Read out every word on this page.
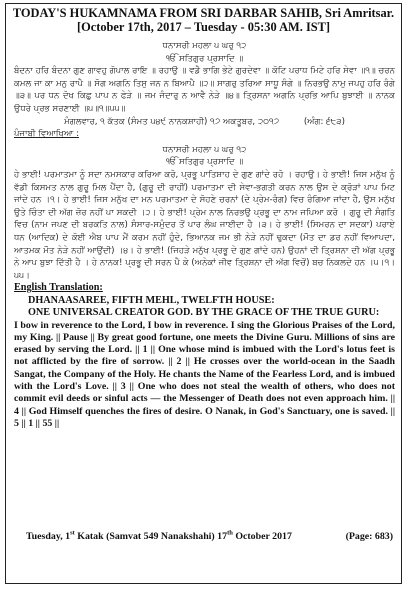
TODAY'S HUKAMNAMA FROM SRI DARBAR SAHIB, Sri Amritsar.
[October 17th, 2017 – Tuesday - 05:30 AM. IST]
ਧਨਾਸਰੀ ਮਹਲਾ ੫ ਘਰੁ ੧੨
ੴ ਸਤਿਗੁਰ ਪ੍ਰਸਾਦਿ ॥
ਬੰਦਨਾ ਹਰਿ ਬੰਦਨਾ ਗੁਣ ਗਾਵਹੁ ਗੋਪਾਲ ਰਾਇ ॥ ਰਹਾਉ ॥ ਵਡੈ ਭਾਗਿ ਭੇਟੇ ਗੁਰਦੇਵਾ ॥ ਕੋਟਿ ਪਰਾਧ ਮਿਟੇ ਹਰਿ ਸੇਵਾ ॥੧॥ ਚਰਨ ਕਮਲ ਜਾ ਕਾ ਮਨੁ ਰਾਪੈ ॥ ਸੋਗ ਅਗਨਿ ਤਿਸੁ ਜਨ ਨ ਬਿਆਪੈ ॥੨॥ ਸਾਗਰੁ ਤਰਿਆ ਸਾਧੂ ਸੰਗੇ ॥ ਨਿਰਭਉ ਨਾਮੁ ਜਪਹੁ ਹਰਿ ਰੰਗੇ ॥੩॥ ਪਰ ਧਨ ਦੋਖ ਕਿਛੁ ਪਾਪ ਨ ਫੇੜੇ ॥ ਜਮ ਜੰਦਾਰੁ ਨ ਆਵੈ ਨੇੜੇ ॥੪॥ ਤ੍ਰਿਸਨਾ ਅਗਨਿ ਪ੍ਰਭਿ ਆਪਿ ਬੁਝਾਈ ॥ ਨਾਨਕ ਉਧਰੇ ਪ੍ਰਭ ਸਰਣਾਈ ॥੫॥੧॥੫੫॥
ਮੰਗਲਵਾਰ, ੧ ਕੱਤਕ (ਸੰਮਤ ੫੪੯ ਨਾਨਕਸ਼ਾਹੀ) ੧੭ ਅਕਤੂਬਰ, ੨੦੧੭	(ਅੰਗ: ੬੮੩)
ਪੰਜਾਬੀ ਵਿਆਖਿਆ :
ਧਨਾਸਰੀ ਮਹਲਾ ੫ ਘਰੁ ੧੨
ੴ ਸਤਿਗੁਰ ਪ੍ਰਸਾਦਿ ॥
ਹੇ ਭਾਈ! ਪਰਮਾਤਮਾ ਨੂੰ ਸਦਾ ਨਮਸਕਾਰ ਕਰਿਆ ਕਰੋ, ਪ੍ਰਭੂ ਪਾਤਿਸ਼ਾਹ ਦੇ ਗੁਣ ਗਾਂਦੇ ਰਹੋ । ਰਹਾਉ। ਹੇ ਭਾਈ! ਜਿਸ ਮਨੁੱਖ ਨੂੰ ਵੱਡੀ ਕਿਸਮਤ ਨਾਲ ਗੁਰੂ ਮਿਲ ਪੈਂਦਾ ਹੈ, (ਗੁਰੂ ਦੀ ਰਾਹੀਂ) ਪਰਮਾਤਮਾ ਦੀ ਸੇਵਾ-ਭਗਤੀ ਕਰਨ ਨਾਲ ਉਸ ਦੇ ਕ੍ਰੋੜਾਂ ਪਾਪ ਮਿਟ ਜਾਂਦੇ ਹਨ ।੧। ਹੇ ਭਾਈ! ਜਿਸ ਮਨੁੱਖ ਦਾ ਮਨ ਪਰਮਾਤਮਾ ਦੇ ਸੋਹਣੇ ਚਰਨਾਂ (ਦੇ ਪ੍ਰੇਮ-ਰੰਗ) ਵਿਚ ਰੰਗਿਆ ਜਾਂਦਾ ਹੈ, ਉਸ ਮਨੁੱਖ ਉਤੇ ਚਿੰਤਾ ਦੀ ਅੱਗ ਜ਼ੋਰ ਨਹੀਂ ਪਾ ਸਕਦੀ ।੨। ਹੇ ਭਾਈ! ਪ੍ਰੇਮ ਨਾਲ ਨਿਰਭਉ ਪ੍ਰਭੂ ਦਾ ਨਾਮ ਜਪਿਆ ਕਰੋ । ਗੁਰੂ ਦੀ ਸੰਗਤਿ ਵਿਚ (ਨਾਮ ਜਪਣ ਦੀ ਬਰਕਤਿ ਨਾਲ) ਸੰਸਾਰ-ਸਮੁੰਦਰ ਤੋਂ ਪਾਰ ਲੰਘ ਜਾਈਦਾ ਹੈ ।੩। ਹੇ ਭਾਈ! (ਸਿਮਰਨ ਦਾ ਸਦਕਾ) ਪਰਾਏ ਧਨ (ਆਦਿਕ) ਦੇ ਕੋਈ ਐਬ ਪਾਪ ਮੈਂ ਕਰਮ ਨਹੀਂ ਹੁੰਦੇ, ਭਿਆਨਕ ਜਮ ਭੀ ਨੇੜੇ ਨਹੀਂ ਢੁਕਦਾ (ਮੌਤ ਦਾ ਡਰ ਨਹੀਂ ਵਿਆਪਦਾ, ਆਤਮਕ ਮੌਤ ਨੇੜੇ ਨਹੀਂ ਆਉਂਦੀ) ।੪। ਹੇ ਭਾਈ! (ਜਿਹੜੇ ਮਨੁੱਖ ਪ੍ਰਭੂ ਦੇ ਗੁਣ ਗਾਂਦੇ ਹਨ) ਉਹਨਾਂ ਦੀ ਤ੍ਰਿਸ਼ਨਾ ਦੀ ਅੱਗ ਪ੍ਰਭੂ ਨੇ ਆਪ ਬੁਝਾ ਦਿੱਤੀ ਹੈ । ਹੇ ਨਾਨਕ! ਪ੍ਰਭੂ ਦੀ ਸਰਨ ਪੈ ਕੇ (ਅਨੇਕਾਂ ਜੀਵ ਤ੍ਰਿਸ਼ਨਾ ਦੀ ਅੱਗ ਵਿਚੋਂ) ਬਚ ਨਿਕਲਦੇ ਹਨ ।੫।੧।੫੫।
English Translation:
DHANAASAREE, FIFTH MEHL, TWELFTH HOUSE:
ONE UNIVERSAL CREATOR GOD. BY THE GRACE OF THE TRUE GURU:
I bow in reverence to the Lord, I bow in reverence. I sing the Glorious Praises of the Lord, my King. || Pause || By great good fortune, one meets the Divine Guru. Millions of sins are erased by serving the Lord. || 1 || One whose mind is imbued with the Lord's lotus feet is not afflicted by the fire of sorrow. || 2 || He crosses over the world-ocean in the Saadh Sangat, the Company of the Holy. He chants the Name of the Fearless Lord, and is imbued with the Lord's Love. || 3 || One who does not steal the wealth of others, who does not commit evil deeds or sinful acts — the Messenger of Death does not even approach him. || 4 || God Himself quenches the fires of desire. O Nanak, in God's Sanctuary, one is saved. || 5 || 1 || 55 ||
Tuesday, 1st Katak (Samvat 549 Nanakshahi) 17th October 2017	(Page: 683)
